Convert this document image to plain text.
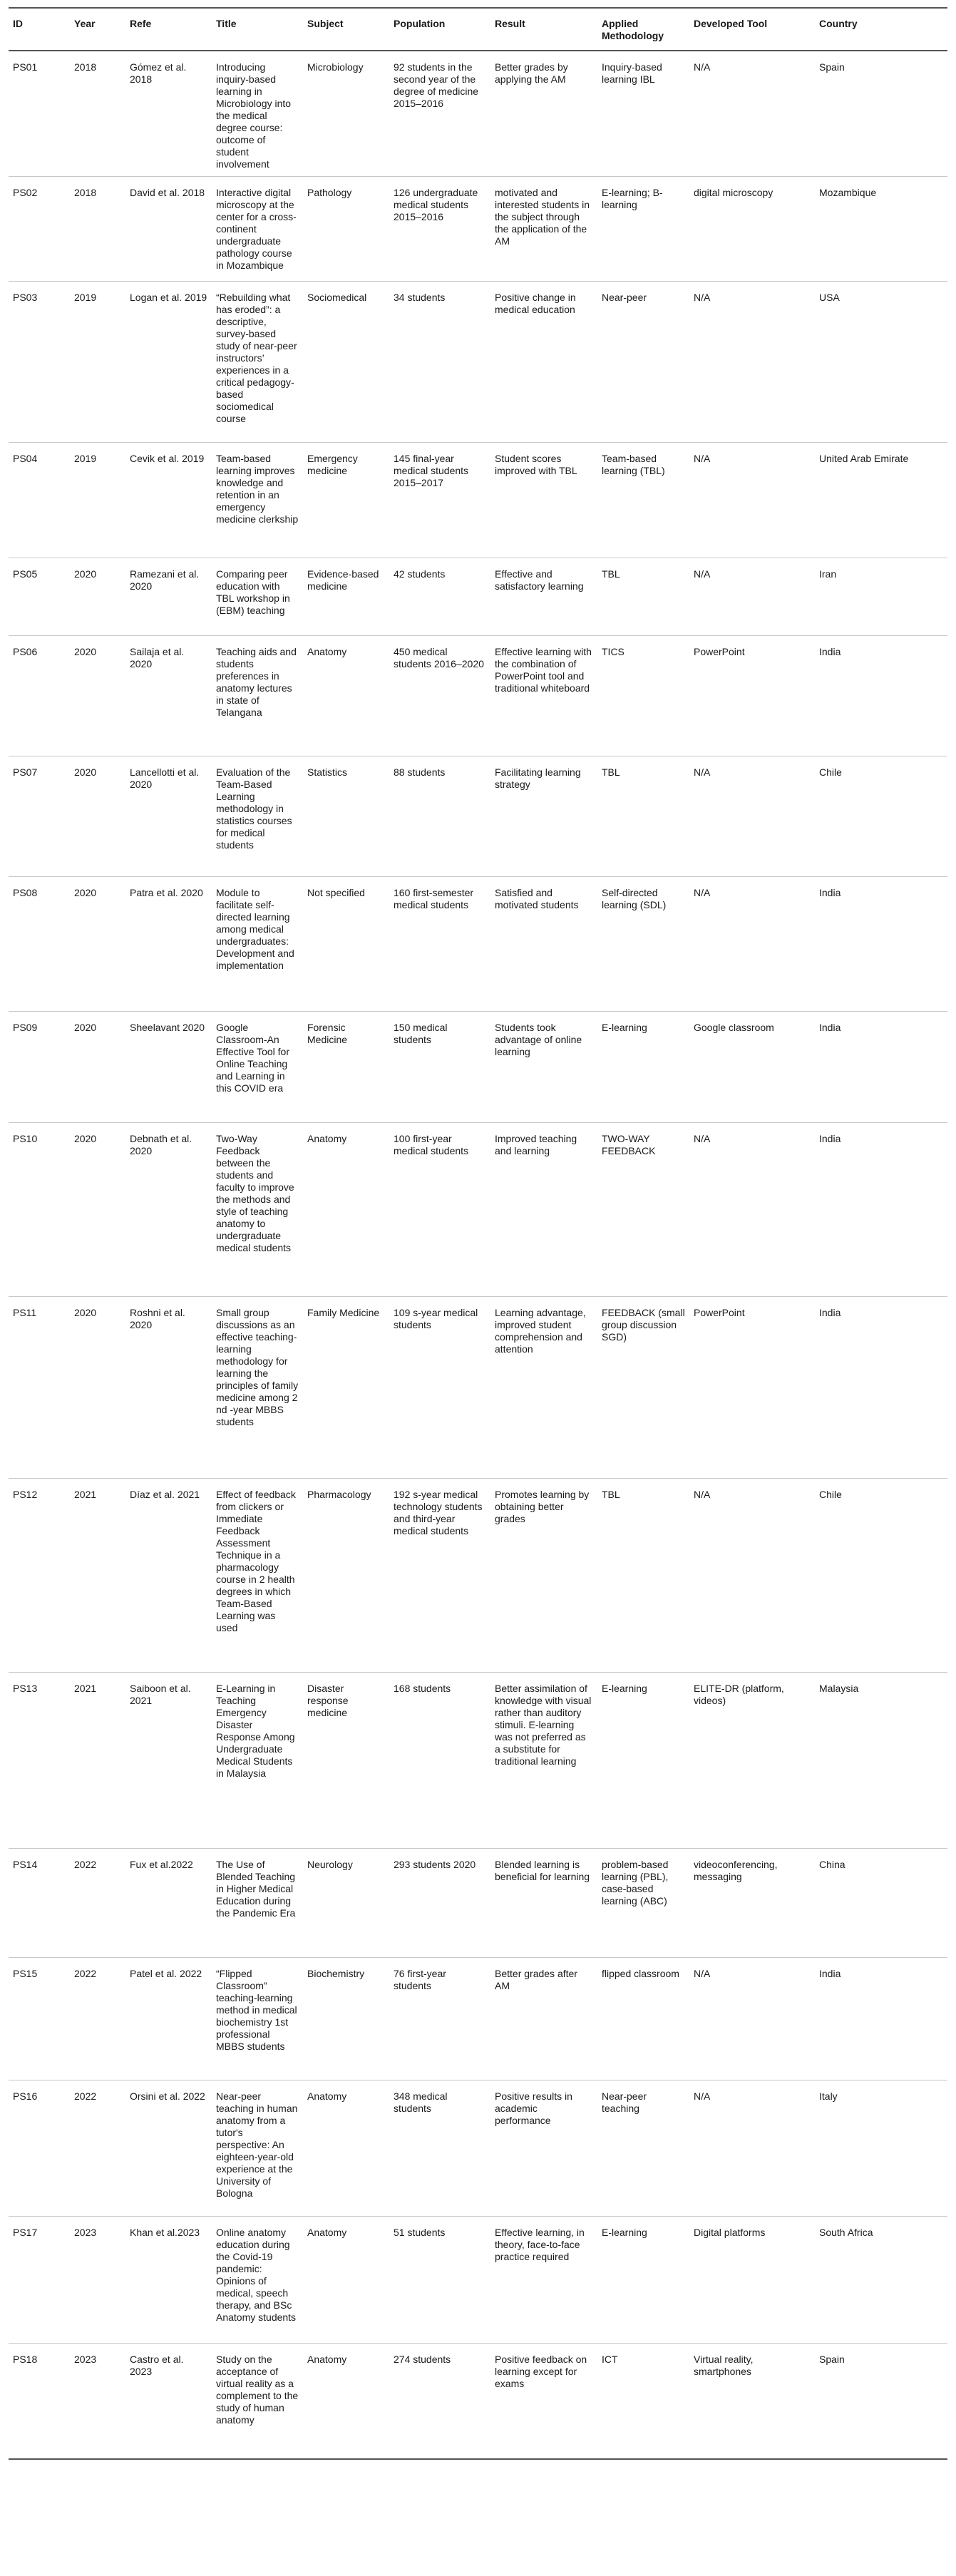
ID	Year	Refe	Title	Subject	Population	Result	Applied Methodology	Developed Tool	Country
PS01	2018	Gómez et al. 2018	Introducing inquiry-based learning in Microbiology into the medical degree course: outcome of student involvement	Microbiology	92 students in the second year of the degree of medicine 2015–2016	Better grades by applying the AM	Inquiry-based learning IBL	N/A	Spain
PS02	2018	David et al. 2018	Interactive digital microscopy at the center for a cross-continent undergraduate pathology course in Mozambique	Pathology	126 undergraduate medical students 2015–2016	motivated and interested students in the subject through the application of the AM	E-learning; B-learning	digital microscopy	Mozambique
PS03	2019	Logan et al. 2019	“Rebuilding what has eroded”: a descriptive, survey-based study of near-peer instructors’ experiences in a critical pedagogy-based sociomedical course	Sociomedical	34 students	Positive change in medical education	Near-peer	N/A	USA
PS04	2019	Cevik et al. 2019	Team-based learning improves knowledge and retention in an emergency medicine clerkship	Emergency medicine	145 final-year medical students 2015–2017	Student scores improved with TBL	Team-based learning (TBL)	N/A	United Arab Emirate
PS05	2020	Ramezani et al. 2020	Comparing peer education with TBL workshop in (EBM) teaching	Evidence-based medicine	42 students	Effective and satisfactory learning	TBL	N/A	Iran
PS06	2020	Sailaja et al. 2020	Teaching aids and students preferences in anatomy lectures in state of Telangana	Anatomy	450 medical students 2016–2020	Effective learning with the combination of PowerPoint tool and traditional whiteboard	TICS	PowerPoint	India
PS07	2020	Lancellotti et al. 2020	Evaluation of the Team-Based Learning methodology in statistics courses for medical students	Statistics	88 students	Facilitating learning strategy	TBL	N/A	Chile
PS08	2020	Patra et al. 2020	Module to facilitate self-directed learning among medical undergraduates: Development and implementation	Not specified	160 first-semester medical students	Satisfied and motivated students	Self-directed learning (SDL)	N/A	India
PS09	2020	Sheelavant 2020	Google Classroom-An Effective Tool for Online Teaching and Learning in this COVID era	Forensic Medicine	150 medical students	Students took advantage of online learning	E-learning	Google classroom	India
PS10	2020	Debnath et al. 2020	Two-Way Feedback between the students and faculty to improve the methods and style of teaching anatomy to undergraduate medical students	Anatomy	100 first-year medical students	Improved teaching and learning	TWO-WAY FEEDBACK	N/A	India
PS11	2020	Roshni et al. 2020	Small group discussions as an effective teaching-learning methodology for learning the principles of family medicine among 2 nd -year MBBS students	Family Medicine	109 s-year medical students	Learning advantage, improved student comprehension and attention	FEEDBACK (small group discussion SGD)	PowerPoint	India
PS12	2021	Díaz et al. 2021	Effect of feedback from clickers or Immediate Feedback Assessment Technique in a pharmacology course in 2 health degrees in which Team-Based Learning was used	Pharmacology	192 s-year medical technology students and third-year medical students	Promotes learning by obtaining better grades	TBL	N/A	Chile
PS13	2021	Saiboon et al. 2021	E-Learning in Teaching Emergency Disaster Response Among Undergraduate Medical Students in Malaysia	Disaster response medicine	168 students	Better assimilation of knowledge with visual rather than auditory stimuli. E-learning was not preferred as a substitute for traditional learning	E-learning	ELITE-DR (platform, videos)	Malaysia
PS14	2022	Fux et al.2022	The Use of Blended Teaching in Higher Medical Education during the Pandemic Era	Neurology	293 students 2020	Blended learning is beneficial for learning	problem-based learning (PBL), case-based learning (ABC)	videoconferencing, messaging	China
PS15	2022	Patel et al. 2022	“Flipped Classroom” teaching-learning method in medical biochemistry 1st professional MBBS students	Biochemistry	76 first-year students	Better grades after AM	flipped classroom	N/A	India
PS16	2022	Orsini et al. 2022	Near-peer teaching in human anatomy from a tutor's perspective: An eighteen-year-old experience at the University of Bologna	Anatomy	348 medical students	Positive results in academic performance	Near-peer teaching	N/A	Italy
PS17	2023	Khan et al.2023	Online anatomy education during the Covid-19 pandemic: Opinions of medical, speech therapy, and BSc Anatomy students	Anatomy	51 students	Effective learning, in theory, face-to-face practice required	E-learning	Digital platforms	South Africa
PS18	2023	Castro et al. 2023	Study on the acceptance of virtual reality as a complement to the study of human anatomy	Anatomy	274 students	Positive feedback on learning except for exams	ICT	Virtual reality, smartphones	Spain
